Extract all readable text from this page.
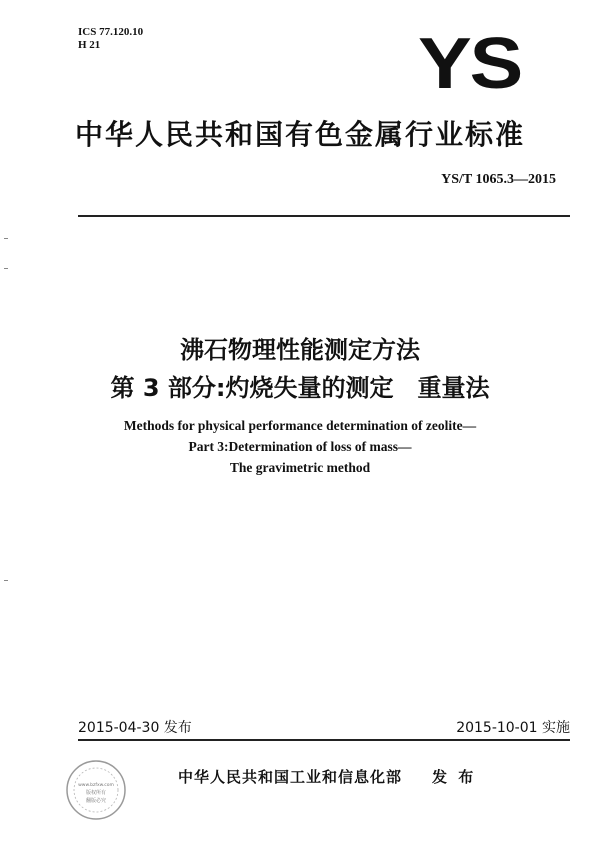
ICS 77.120.10
H 21	YS
中华人民共和国有色金属行业标准
YS/T 1065.3—2015
沸石物理性能测定方法
第 3 部分:灼烧失量的测定　重量法
Methods for physical performance determination of zeolite—
Part 3:Determination of loss of mass—
The gravimetric method
2015-04-30 发布	2015-10-01 实施
www.bzfxw.com
版权所有
翻版必究
中华人民共和国工业和信息化部 发 布
